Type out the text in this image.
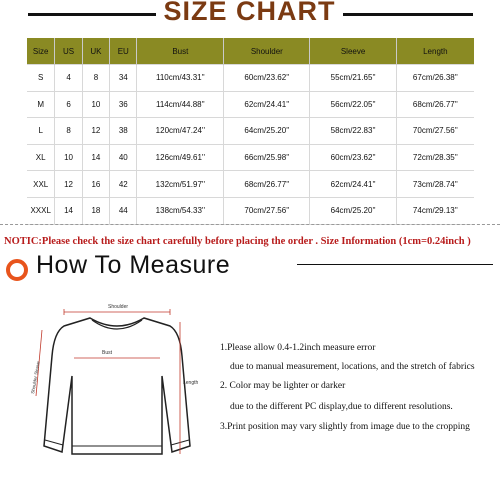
SIZE CHART
Size	US	UK	EU	Bust	Shoulder	Sleeve	Length
S	4	8	34	110cm/43.31''	60cm/23.62''	55cm/21.65''	67cm/26.38''
M	6	10	36	114cm/44.88''	62cm/24.41''	56cm/22.05''	68cm/26.77''
L	8	12	38	120cm/47.24''	64cm/25.20''	58cm/22.83''	70cm/27.56''
XL	10	14	40	126cm/49.61''	66cm/25.98''	60cm/23.62''	72cm/28.35''
XXL	12	16	42	132cm/51.97''	68cm/26.77''	62cm/24.41''	73cm/28.74''
XXXL	14	18	44	138cm/54.33''	70cm/27.56''	64cm/25.20''	74cm/29.13''
NOTIC:Please check the size chart carefully before placing the order . Size Information (1cm=0.24inch )
How To Measure
Shoulder
Bust
Length
Shoulder Sleeve
1.Please allow 0.4-1.2inch measure error
due to manual measurement, locations, and the stretch of fabrics
2. Color may be lighter or darker
due to the different PC display,due to different resolutions.
3.Print position may vary slightly from image due to the cropping
